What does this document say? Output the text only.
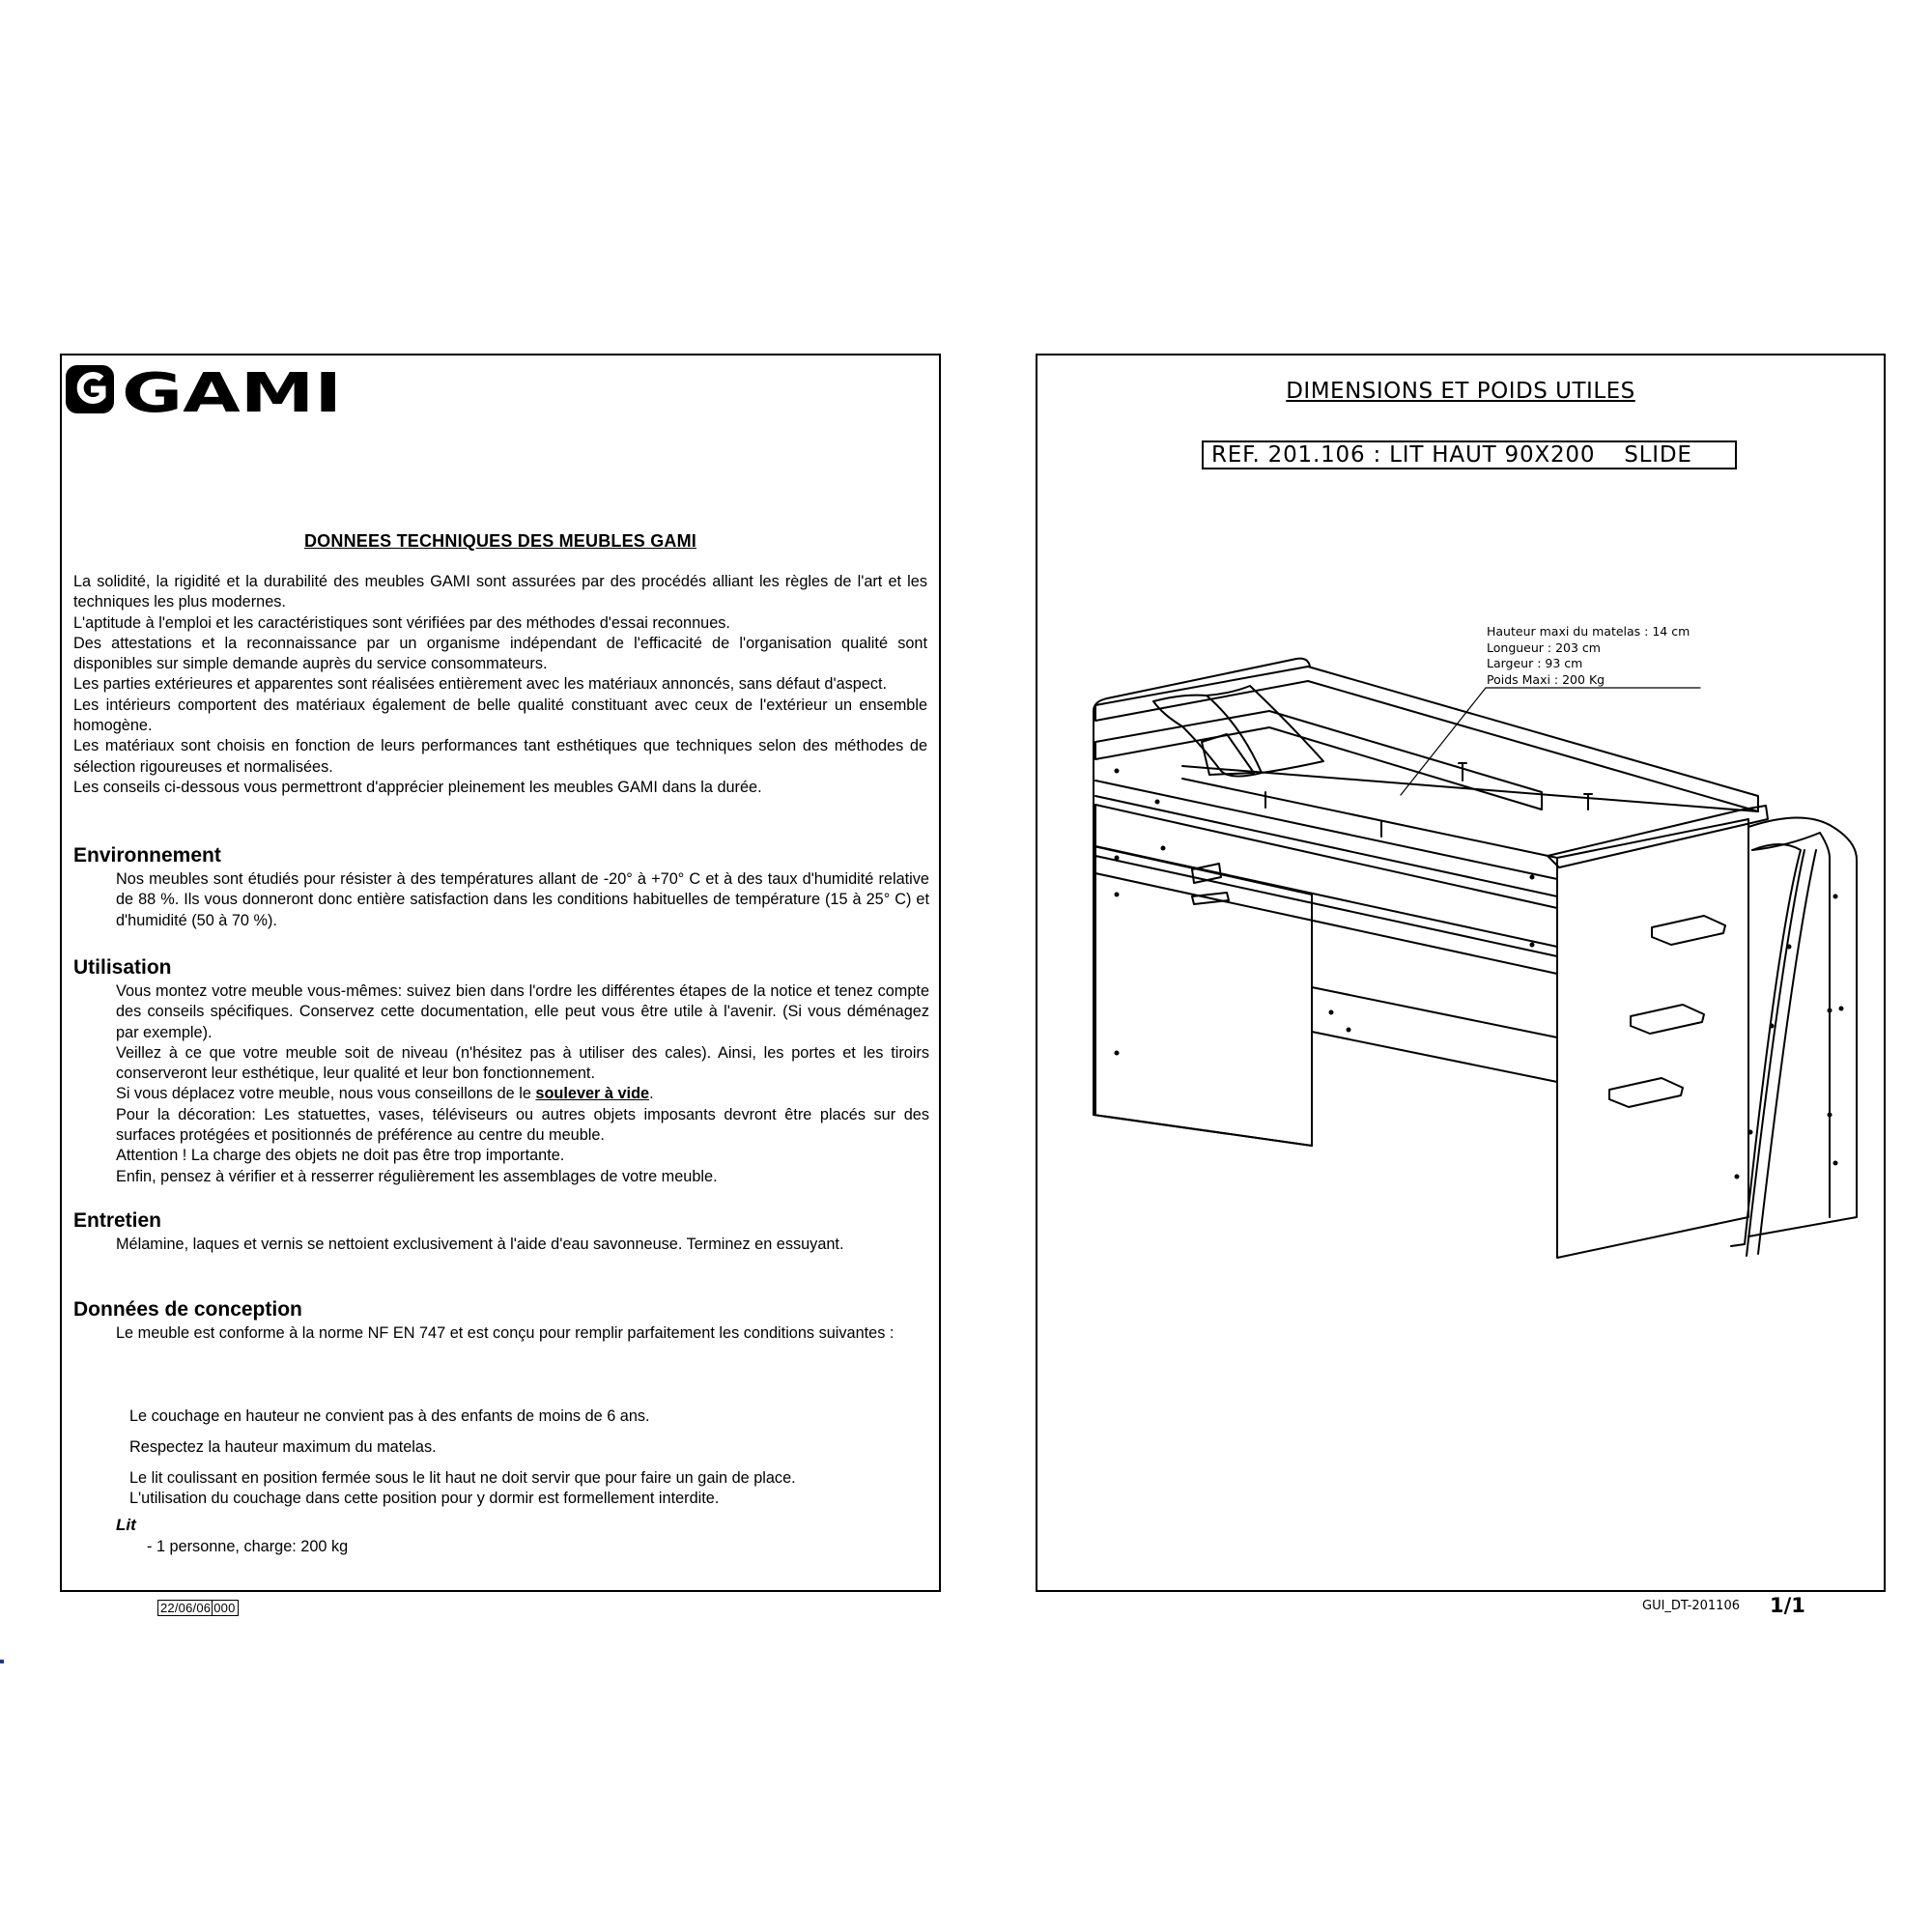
GAMI
DONNEES TECHNIQUES DES MEUBLES GAMI

La solidité, la rigidité et la durabilité des meubles GAMI sont assurées par des procédés alliant les règles de l'art et les techniques les plus modernes.

L'aptitude à l'emploi et les caractéristiques sont vérifiées par des méthodes d'essai reconnues.

Des attestations et la reconnaissance par un organisme indépendant de l'efficacité de l'organisation qualité sont disponibles sur simple demande auprès du service consommateurs.

Les parties extérieures et apparentes sont réalisées entièrement avec les matériaux annoncés, sans défaut d'aspect.

Les intérieurs comportent des matériaux également de belle qualité constituant avec ceux de l'extérieur un ensemble homogène.

Les matériaux sont choisis en fonction de leurs performances tant esthétiques que techniques selon des méthodes de sélection rigoureuses et normalisées.

Les conseils ci-dessous vous permettront d'apprécier pleinement les meubles GAMI dans la durée.

Environnement

Nos meubles sont étudiés pour résister à des températures allant de -20° à +70° C et à des taux d'humidité relative de 88 %. Ils vous donneront donc entière satisfaction dans les conditions habituelles de température (15 à 25° C) et d'humidité (50 à 70 %).

Utilisation

Vous montez votre meuble vous-mêmes: suivez bien dans l'ordre les différentes étapes de la notice et tenez compte des conseils spécifiques. Conservez cette documentation, elle peut vous être utile à l'avenir. (Si vous déménagez par exemple).

Veillez à ce que votre meuble soit de niveau (n'hésitez pas à utiliser des cales). Ainsi, les portes et les tiroirs conserveront leur esthétique, leur qualité et leur bon fonctionnement.

Si vous déplacez votre meuble, nous vous conseillons de le soulever à vide.

Pour la décoration: Les statuettes, vases, téléviseurs ou autres objets imposants devront être placés sur des surfaces protégées et positionnés de préférence au centre du meuble.

Attention ! La charge des objets ne doit pas être trop importante.

Enfin, pensez à vérifier et à resserrer régulièrement les assemblages de votre meuble.

Entretien

Mélamine, laques et vernis se nettoient exclusivement à l'aide d'eau savonneuse. Terminez en essuyant.

Données de conception

Le meuble est conforme à la norme NF EN 747 et est conçu pour remplir parfaitement les conditions suivantes :

Le couchage en hauteur ne convient pas à des enfants de moins de 6 ans.
Respectez la hauteur maximum du matelas.
Le lit coulissant en position fermée sous le lit haut ne doit servir que pour faire un gain de place.
L'utilisation du couchage dans cette position pour y dormir est formellement interdite.
Lit
- 1 personne, charge: 200 kg
22/06/06 000
DIMENSIONS ET POIDS UTILES
REF. 201.106 : LIT HAUT 90X200 SLIDE
Hauteur maxi du matelas : 14 cm
Longueur : 203 cm
Largeur : 93 cm
Poids Maxi : 200 Kg
GUI_DT-201106 1/1
